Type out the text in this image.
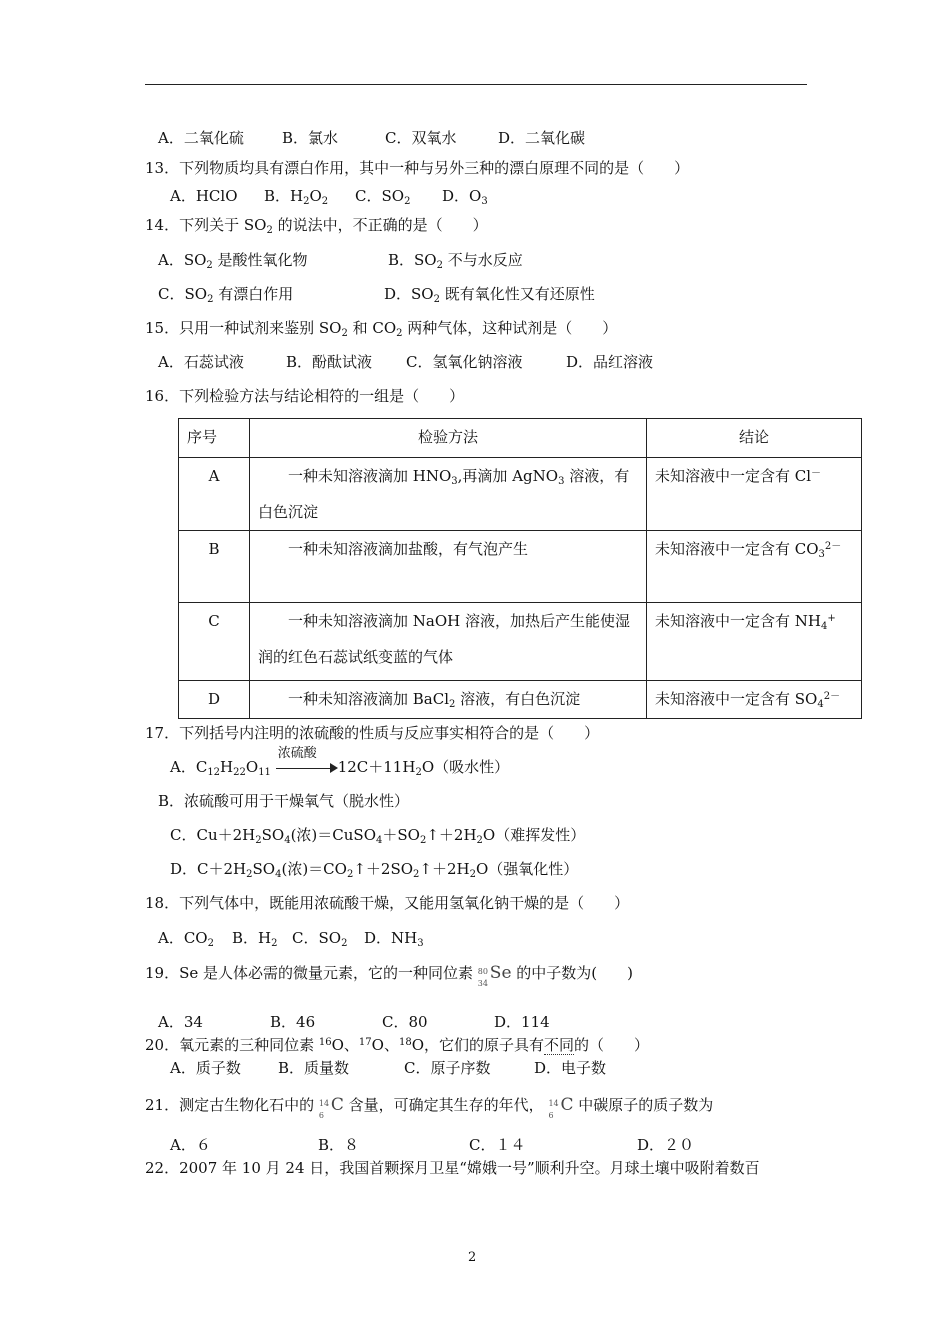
A．二氧化硫	B．氯水	C．双氧水	D．二氧化碳
13．下列物质均具有漂白作用，其中一种与另外三种的漂白原理不同的是（　　）
A．HClO B．$H_2O_2$ C．$SO_2$ D．$O_3$
14．下列关于 $SO_2$ 的说法中，不正确的是（　　）
A．$SO_2$ 是酸性氧化物	B．$SO_2$ 不与水反应
C．$SO_2$ 有漂白作用	D．$SO_2$ 既有氧化性又有还原性
15．只用一种试剂来鉴别 $SO_2$ 和 $CO_2$ 两种气体，这种试剂是（　　）
A．石蕊试液	B．酚酞试液 C．氢氧化钠溶液	D．品红溶液
16．下列检验方法与结论相符的一组是（　　）
序号	检验方法	结论
A	一种未知溶液滴加 $HNO_3$,再滴加 AgNO$_3$ 溶液，有白色沉淀	未知溶液中一定含有 Cl－
B	一种未知溶液滴加盐酸，有气泡产生	未知溶液中一定含有 $CO_3^{2-}$
C	一种未知溶液滴加 NaOH 溶液，加热后产生能使湿润的红色石蕊试纸变蓝的气体	未知溶液中一定含有 $NH_4^+$
D	一种未知溶液滴加 BaCl$_2$ 溶液，有白色沉淀	未知溶液中一定含有 $SO_4^{2-}$
17．下列括号内注明的浓硫酸的性质与反应事实相符合的是（　　）
A．$C_{12}H_{22}O_{11}$
浓硫酸
$12C+11H_2O$（吸水性）
B．浓硫酸可用于干燥氧气（脱水性）
C．$Cu+2H_2SO_4$(浓)$=CuSO_4+SO_2↑+2H_2O$（难挥发性）
D．$C+2H_2SO_4$(浓)$=CO_2↑+2SO_2↑+2H_2O$（强氧化性）
18．下列气体中，既能用浓硫酸干燥，又能用氢氧化钠干燥的是（　　）
A．$CO_2$ B．$H_2$ C．$SO_2$ D．$NH_3$
19．Se 是人体必需的微量元素，它的一种同位素 80
34
Se 的中子数为(　　)
A．34	B．46	C．80	D．114
20．氧元素的三种同位素 $^{16}$O、$^{17}$O、$^{18}$O，它们的原子具有不同的（　　）
A．质子数 B．质量数	C．原子序数	D．电子数
21．测定古生物化石中的 14
6
C 含量，可确定其生存的年代， 14
6
C 中碳原子的质子数为
A．６	B．８	C．１４	D．２０
22．2007 年 10 月 24 日，我国首颗探月卫星“嫦娥一号”顺利升空。月球土壤中吸附着数百
2
